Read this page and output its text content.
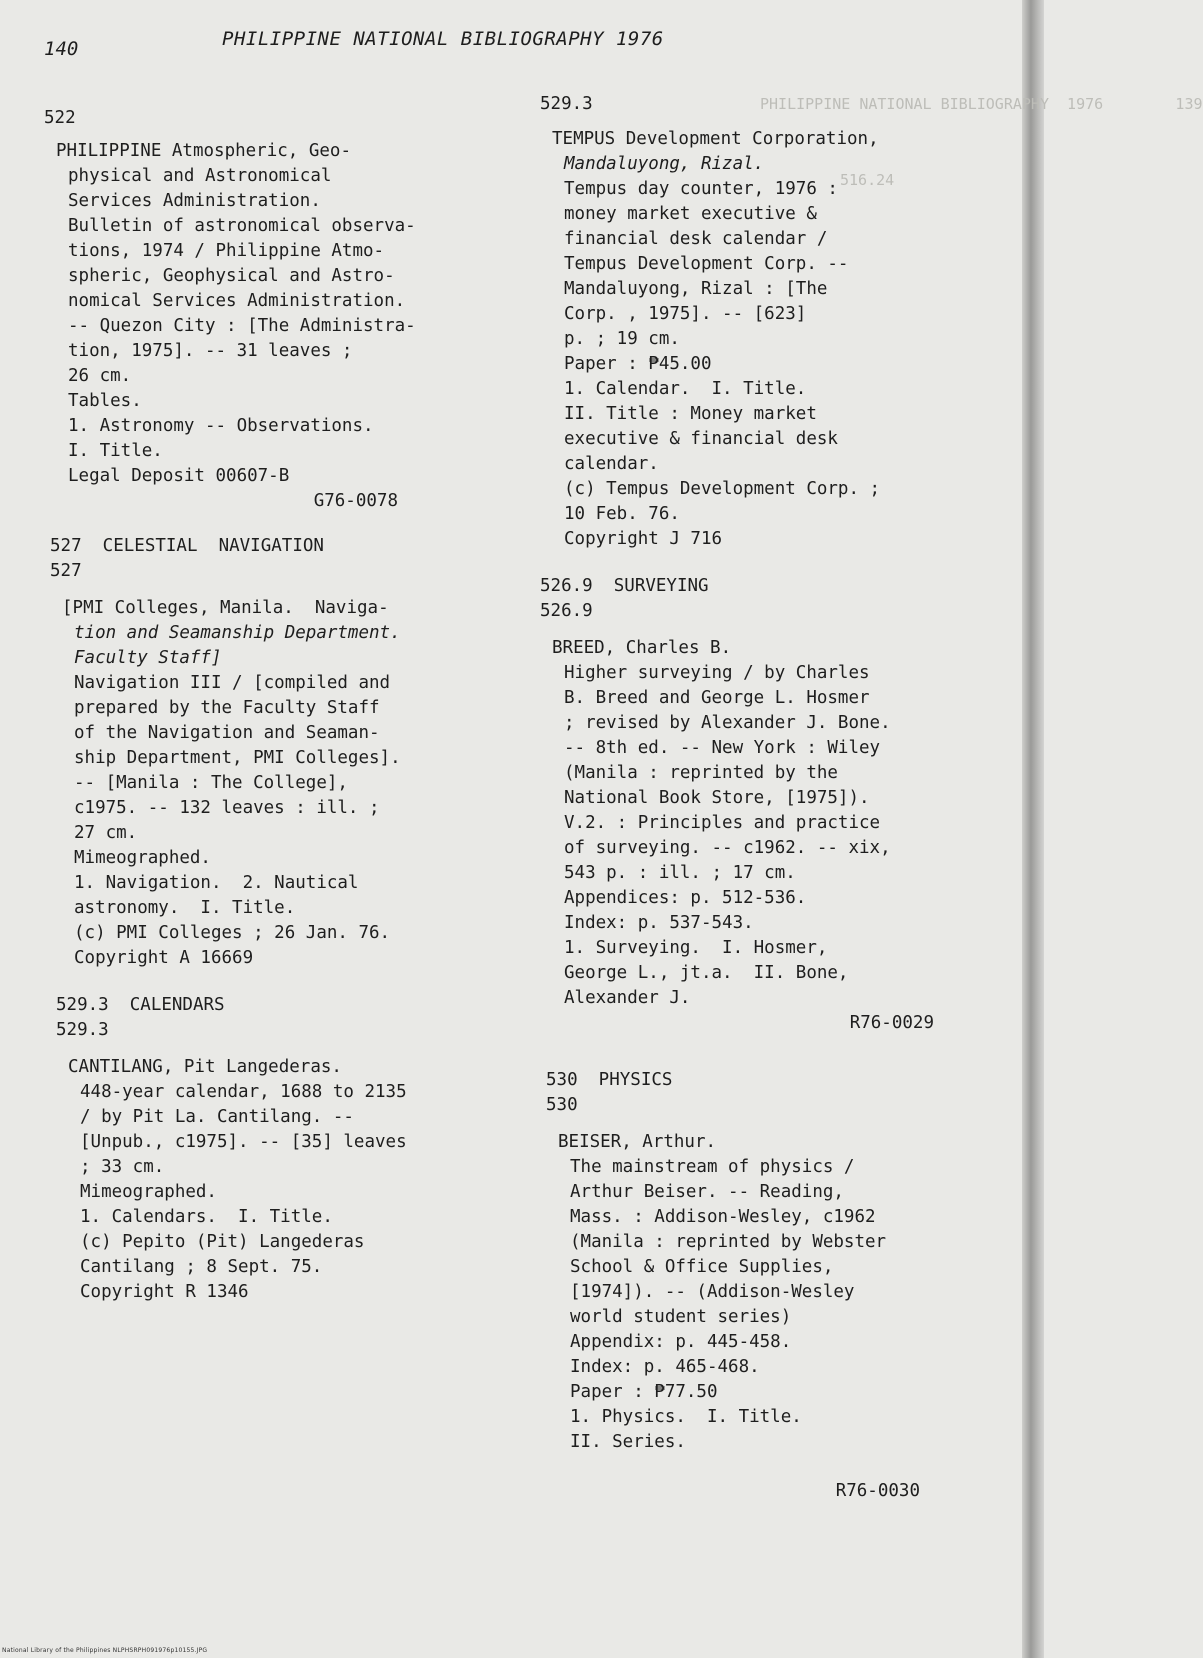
PHILIPPINE NATIONAL BIBLIOGRAPHY  1976        139
516.24
140	PHILIPPINE NATIONAL BIBLIOGRAPHY 1976

522

PHILIPPINE Atmospheric, Geo-

physical and Astronomical

Services Administration.

Bulletin of astronomical observa-

tions, 1974 / Philippine Atmo-

spheric, Geophysical and Astro-

nomical Services Administration.

-- Quezon City : [The Administra-

tion, 1975]. -- 31 leaves ;

26 cm.

Tables.

1. Astronomy -- Observations.

I. Title.

Legal Deposit 00607-B

G76-0078

527  CELESTIAL  NAVIGATION

527

[PMI Colleges, Manila.  Naviga-

tion and Seamanship Department.

Faculty Staff]

Navigation III / [compiled and

prepared by the Faculty Staff

of the Navigation and Seaman-

ship Department, PMI Colleges].

-- [Manila : The College],

c1975. -- 132 leaves : ill. ;

27 cm.

Mimeographed.

1. Navigation.  2. Nautical

astronomy.  I. Title.

(c) PMI Colleges ; 26 Jan. 76.

Copyright A 16669

529.3  CALENDARS

529.3

CANTILANG, Pit Langederas.

448-year calendar, 1688 to 2135

/ by Pit La. Cantilang. --

[Unpub., c1975]. -- [35] leaves

; 33 cm.

Mimeographed.

1. Calendars.  I. Title.

(c) Pepito (Pit) Langederas

Cantilang ; 8 Sept. 75.

Copyright R 1346

529.3

TEMPUS Development Corporation,

Mandaluyong, Rizal.

Tempus day counter, 1976 :

money market executive &

financial desk calendar /

Tempus Development Corp. --

Mandaluyong, Rizal : [The

Corp. , 1975]. -- [623]

p. ; 19 cm.

Paper : ₱45.00

1. Calendar.  I. Title.

II. Title : Money market

executive & financial desk

calendar.

(c) Tempus Development Corp. ;

10 Feb. 76.

Copyright J 716

526.9  SURVEYING

526.9

BREED, Charles B.

Higher surveying / by Charles

B. Breed and George L. Hosmer

; revised by Alexander J. Bone.

-- 8th ed. -- New York : Wiley

(Manila : reprinted by the

National Book Store, [1975]).

V.2. : Principles and practice

of surveying. -- c1962. -- xix,

543 p. : ill. ; 17 cm.

Appendices: p. 512-536.

Index: p. 537-543.

1. Surveying.  I. Hosmer,

George L., jt.a.  II. Bone,

Alexander J.

R76-0029

530  PHYSICS

530

BEISER, Arthur.

The mainstream of physics /

Arthur Beiser. -- Reading,

Mass. : Addison-Wesley, c1962

(Manila : reprinted by Webster

School & Office Supplies,

[1974]). -- (Addison-Wesley

world student series)

Appendix: p. 445-458.

Index: p. 465-468.

Paper : ₱77.50

1. Physics.  I. Title.

II. Series.

R76-0030

National Library of the Philippines NLPHSRPH091976p10155.JPG
